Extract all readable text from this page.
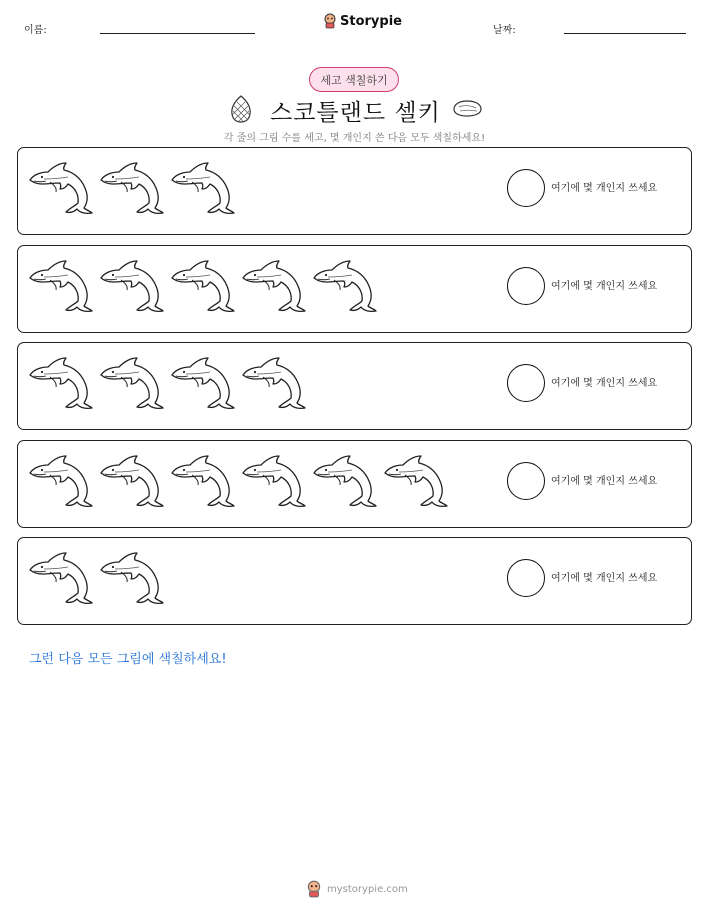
이름:
Storypie
날짜:
세고 색칠하기
스코틀랜드 셀키
각 줄의 그림 수를 세고, 몇 개인지 쓴 다음 모두 색칠하세요!
여기에 몇 개인지 쓰세요
여기에 몇 개인지 쓰세요
여기에 몇 개인지 쓰세요
여기에 몇 개인지 쓰세요
여기에 몇 개인지 쓰세요
그런 다음 모든 그림에 색칠하세요!
mystorypie.com
